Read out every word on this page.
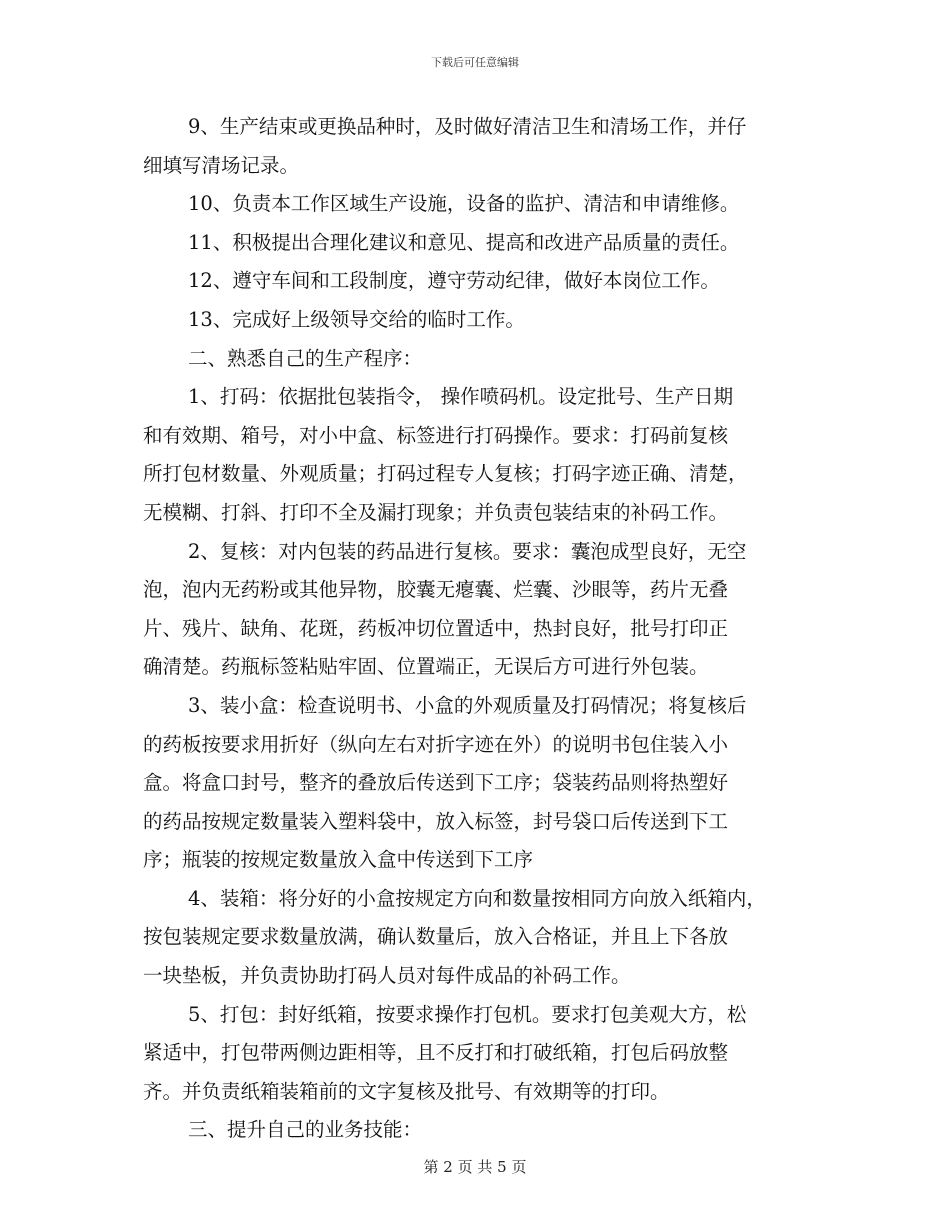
下载后可任意编辑
9、生产结束或更换品种时，及时做好清洁卫生和清场工作，并仔
细填写清场记录。
10、负责本工作区域生产设施，设备的监护、清洁和申请维修。
11、积极提出合理化建议和意见、提高和改进产品质量的责任。
12、遵守车间和工段制度，遵守劳动纪律，做好本岗位工作。
13、完成好上级领导交给的临时工作。
二、熟悉自己的生产程序：
1、打码：依据批包装指令， 操作喷码机。设定批号、生产日期
和有效期、箱号，对小中盒、标签进行打码操作。要求：打码前复核
所打包材数量、外观质量；打码过程专人复核；打码字迹正确、清楚，
无模糊、打斜、打印不全及漏打现象；并负责包装结束的补码工作。
2、复核：对内包装的药品进行复核。要求：囊泡成型良好，无空
泡，泡内无药粉或其他异物，胶囊无瘪囊、烂囊、沙眼等，药片无叠
片、残片、缺角、花斑，药板冲切位置适中，热封良好，批号打印正
确清楚。药瓶标签粘贴牢固、位置端正，无误后方可进行外包装。
3、装小盒：检查说明书、小盒的外观质量及打码情况；将复核后
的药板按要求用折好（纵向左右对折字迹在外）的说明书包住装入小
盒。将盒口封号，整齐的叠放后传送到下工序；袋装药品则将热塑好
的药品按规定数量装入塑料袋中，放入标签，封号袋口后传送到下工
序；瓶装的按规定数量放入盒中传送到下工序
4、装箱：将分好的小盒按规定方向和数量按相同方向放入纸箱内，
按包装规定要求数量放满，确认数量后，放入合格证，并且上下各放
一块垫板，并负责协助打码人员对每件成品的补码工作。
5、打包：封好纸箱，按要求操作打包机。要求打包美观大方，松
紧适中，打包带两侧边距相等，且不反打和打破纸箱，打包后码放整
齐。并负责纸箱装箱前的文字复核及批号、有效期等的打印。
三、提升自己的业务技能：
第 2 页 共 5 页
